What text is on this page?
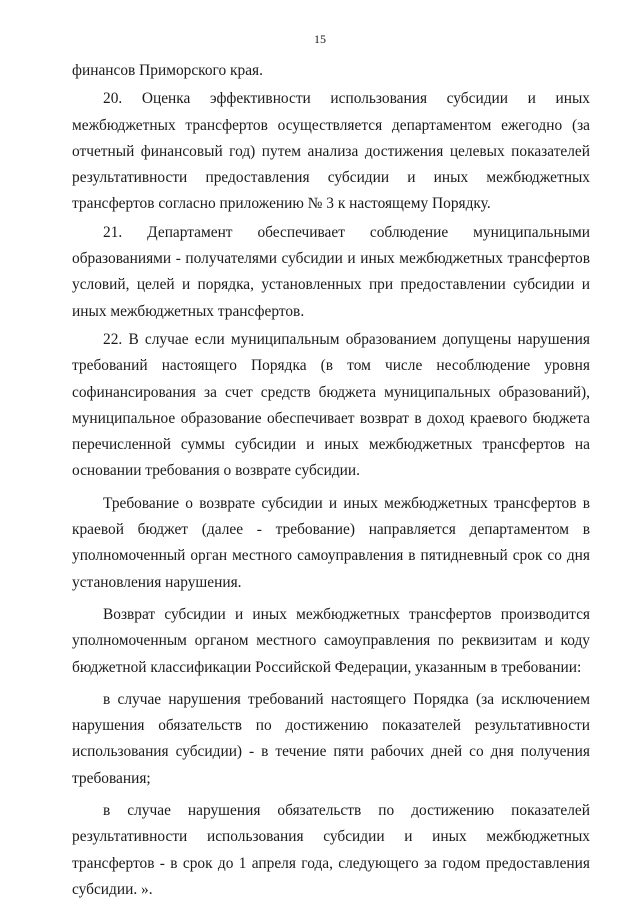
15

финансов Приморского края.

20. Оценка эффективности использования субсидии и иных межбюджетных трансфертов осуществляется департаментом ежегодно (за отчетный финансовый год) путем анализа достижения целевых показателей результативности предоставления субсидии и иных межбюджетных трансфертов согласно приложению № 3 к настоящему Порядку.

21. Департамент обеспечивает соблюдение муниципальными образованиями - получателями субсидии и иных межбюджетных трансфертов условий, целей и порядка, установленных при предоставлении субсидии и иных межбюджетных трансфертов.

22. В случае если муниципальным образованием допущены нарушения требований настоящего Порядка (в том числе несоблюдение уровня софинансирования за счет средств бюджета муниципальных образований), муниципальное образование обеспечивает возврат в доход краевого бюджета перечисленной суммы субсидии и иных межбюджетных трансфертов на основании требования о возврате субсидии.

Требование о возврате субсидии и иных межбюджетных трансфертов в краевой бюджет (далее - требование) направляется департаментом в уполномоченный орган местного самоуправления в пятидневный срок со дня установления нарушения.

Возврат субсидии и иных межбюджетных трансфертов производится уполномоченным органом местного самоуправления по реквизитам и коду бюджетной классификации Российской Федерации, указанным в требовании:

в случае нарушения требований настоящего Порядка (за исключением нарушения обязательств по достижению показателей результативности использования субсидии) - в течение пяти рабочих дней со дня получения требования;

в случае нарушения обязательств по достижению показателей результативности использования субсидии и иных межбюджетных трансфертов - в срок до 1 апреля года, следующего за годом предоставления субсидии. ».
